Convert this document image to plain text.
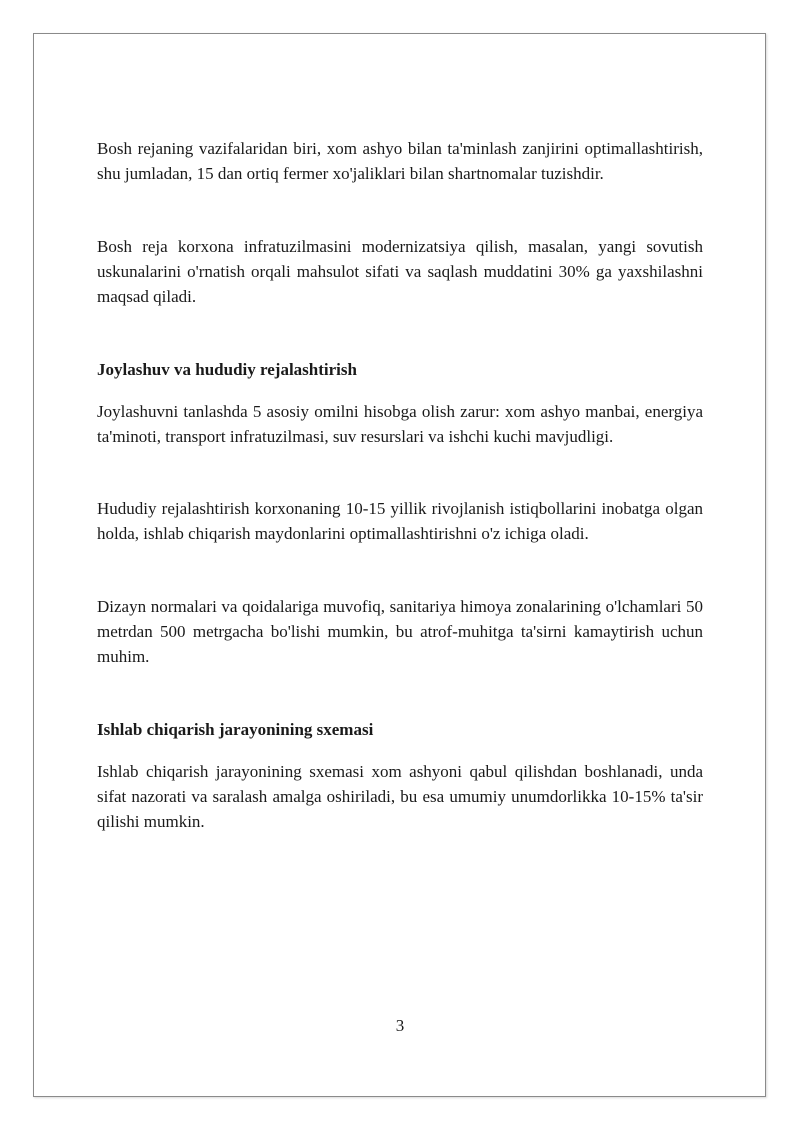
Bosh rejaning vazifalaridan biri, xom ashyo bilan ta'minlash zanjirini optimallashtirish, shu jumladan, 15 dan ortiq fermer xo'jaliklari bilan shartnomalar tuzishdir.

Bosh reja korxona infratuzilmasini modernizatsiya qilish, masalan, yangi sovutish uskunalarini o'rnatish orqali mahsulot sifati va saqlash muddatini 30% ga yaxshilashni maqsad qiladi.

Joylashuv va hududiy rejalashtirish

Joylashuvni tanlashda 5 asosiy omilni hisobga olish zarur: xom ashyo manbai, energiya ta'minoti, transport infratuzilmasi, suv resurslari va ishchi kuchi mavjudligi.

Hududiy rejalashtirish korxonaning 10-15 yillik rivojlanish istiqbollarini inobatga olgan holda, ishlab chiqarish maydonlarini optimallashtirishni o'z ichiga oladi.

Dizayn normalari va qoidalariga muvofiq, sanitariya himoya zonalarining o'lchamlari 50 metrdan 500 metrgacha bo'lishi mumkin, bu atrof-muhitga ta'sirni kamaytirish uchun muhim.

Ishlab chiqarish jarayonining sxemasi

Ishlab chiqarish jarayonining sxemasi xom ashyoni qabul qilishdan boshlanadi, unda sifat nazorati va saralash amalga oshiriladi, bu esa umumiy unumdorlikka 10-15% ta'sir qilishi mumkin.

3
